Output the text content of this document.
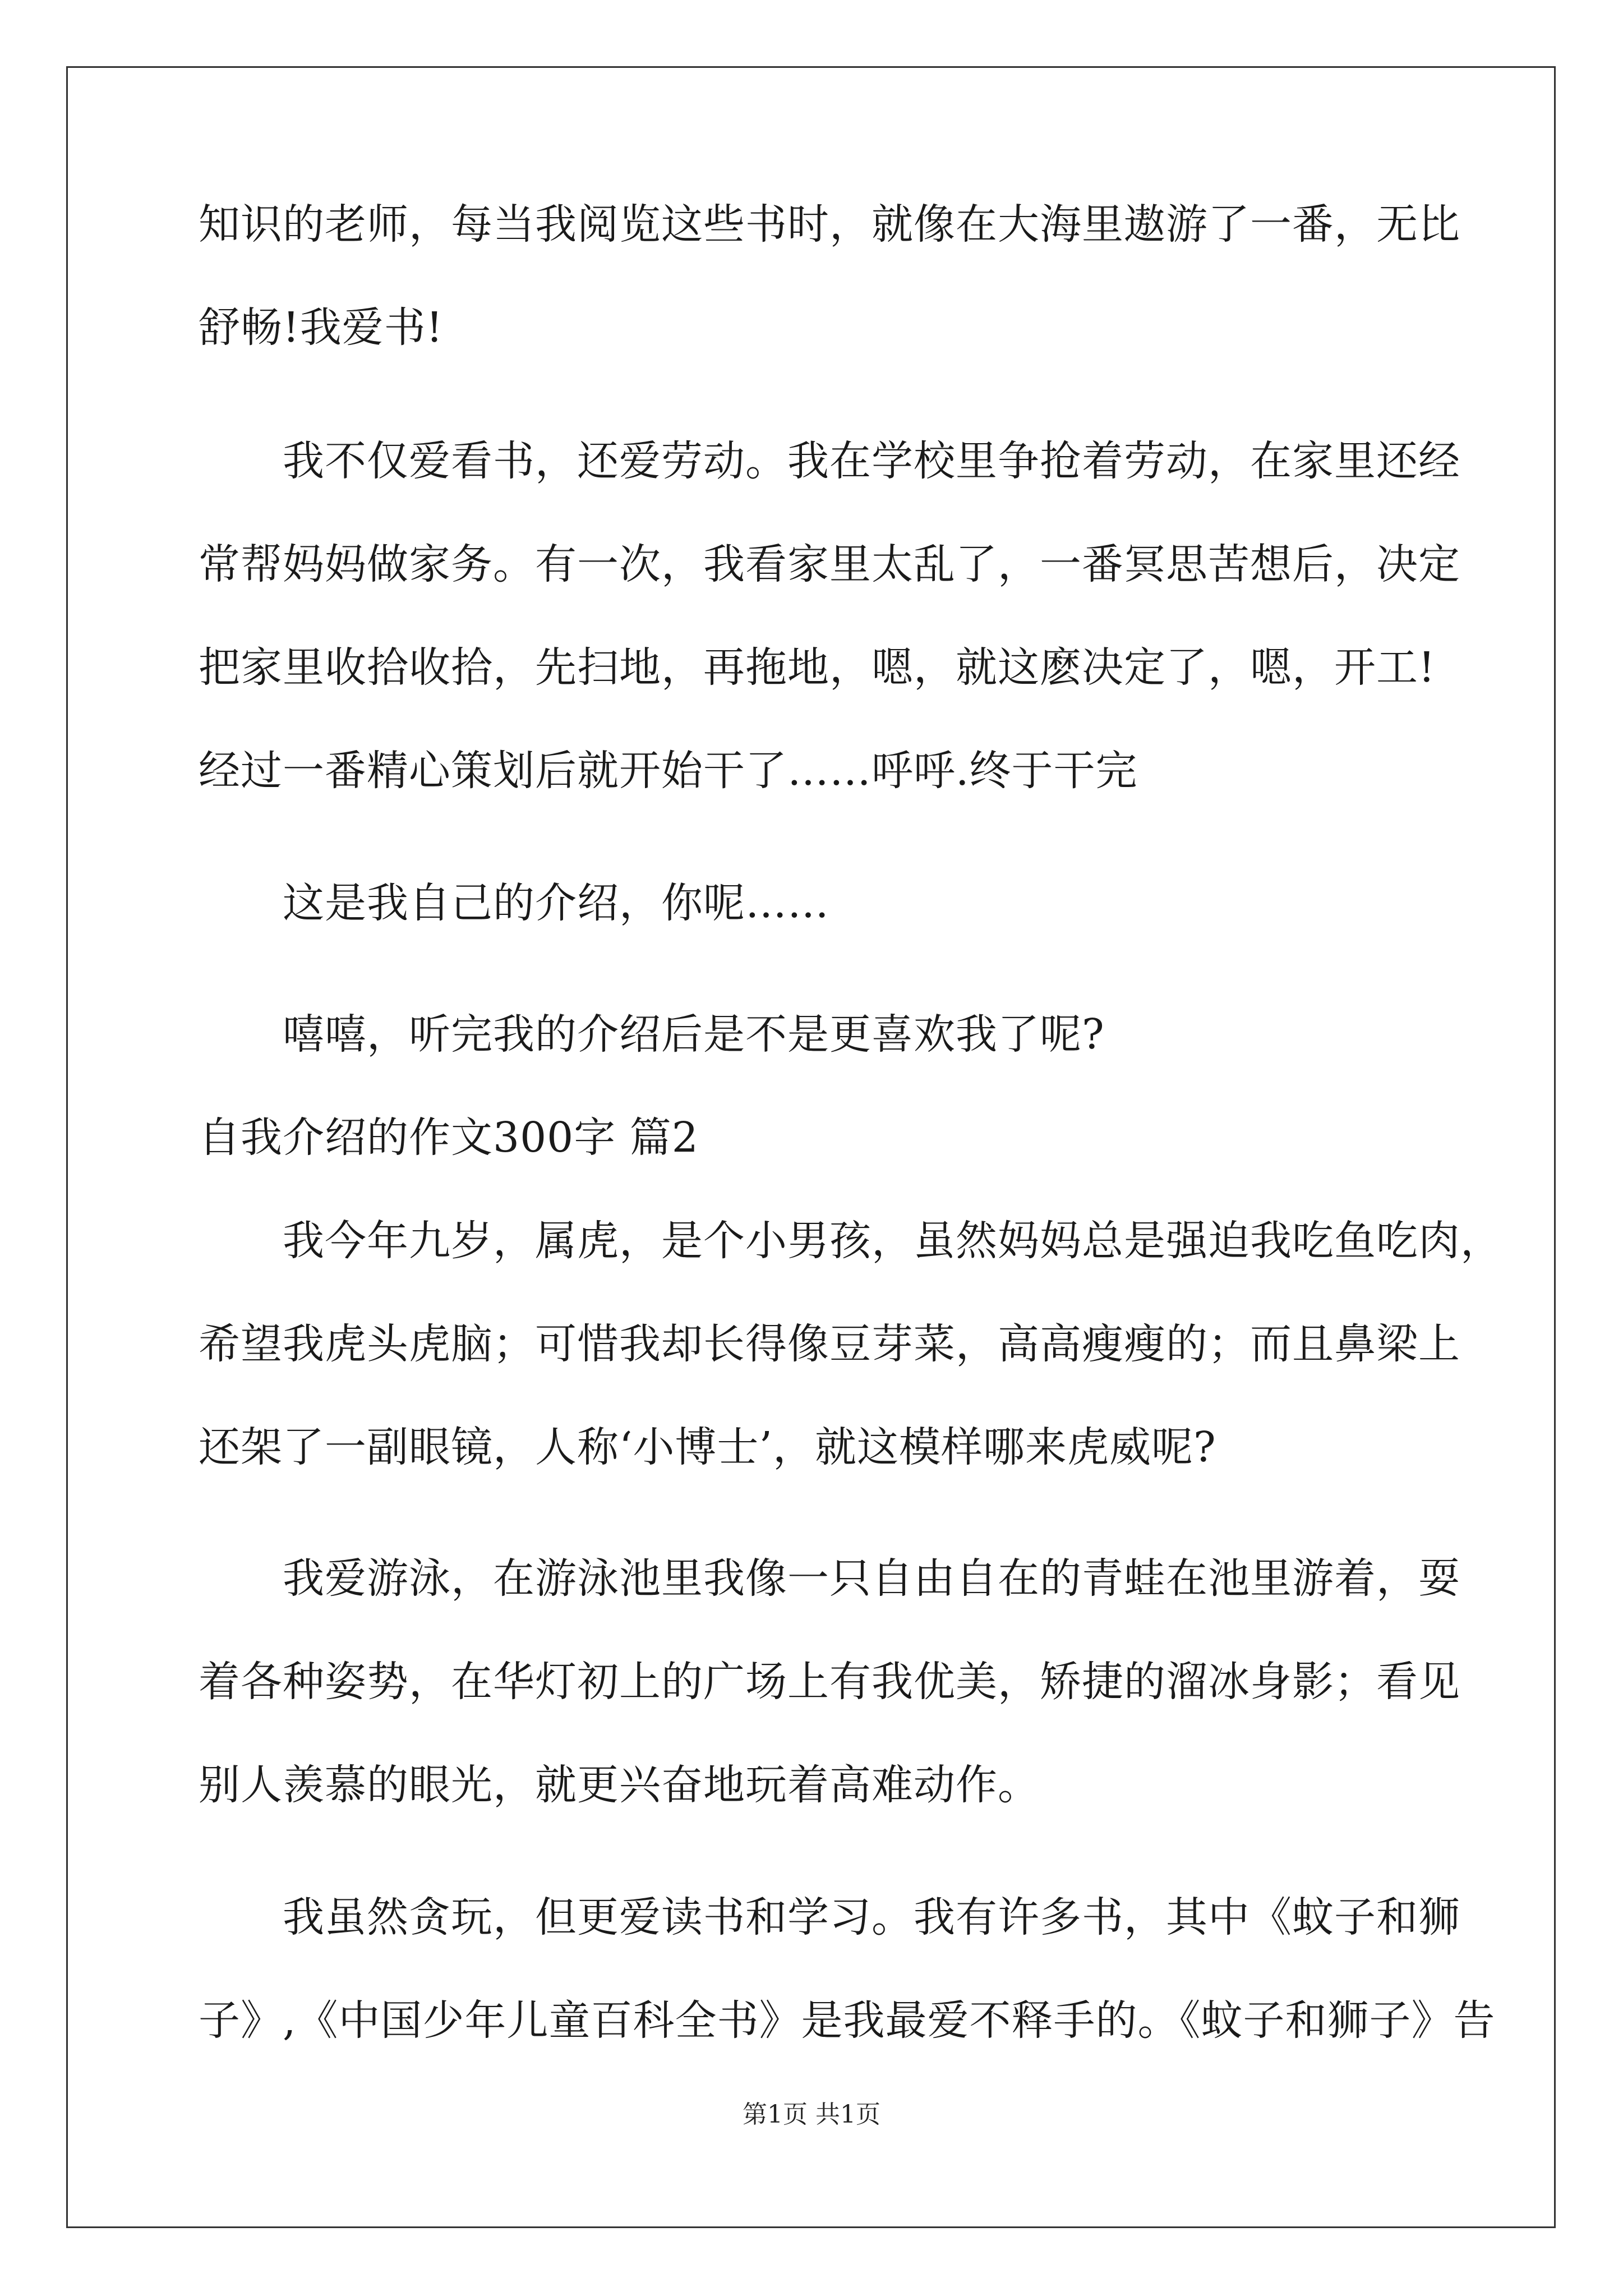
知识的老师，每当我阅览这些书时，就像在大海里遨游了一番，无比
舒畅!我爱书!
我不仅爱看书，还爱劳动。我在学校里争抢着劳动，在家里还经
常帮妈妈做家务。有一次，我看家里太乱了，一番冥思苦想后，决定
把家里收拾收拾，先扫地，再拖地，嗯，就这麽决定了，嗯，开工!
经过一番精心策划后就开始干了……呼呼.终于干完
这是我自己的介绍，你呢……
嘻嘻，听完我的介绍后是不是更喜欢我了呢?
自我介绍的作文300字 篇2
我今年九岁，属虎，是个小男孩，虽然妈妈总是强迫我吃鱼吃肉，
希望我虎头虎脑；可惜我却长得像豆芽菜，高高瘦瘦的；而且鼻梁上
还架了一副眼镜，人称‘小博士’，就这模样哪来虎威呢?
我爱游泳，在游泳池里我像一只自由自在的青蛙在池里游着，耍
着各种姿势，在华灯初上的广场上有我优美，矫捷的溜冰身影；看见
别人羡慕的眼光，就更兴奋地玩着高难动作。
我虽然贪玩，但更爱读书和学习。我有许多书，其中《蚊子和狮
子》,《中国少年儿童百科全书》是我最爱不释手的。《蚊子和狮子》告
第1页 共1页
